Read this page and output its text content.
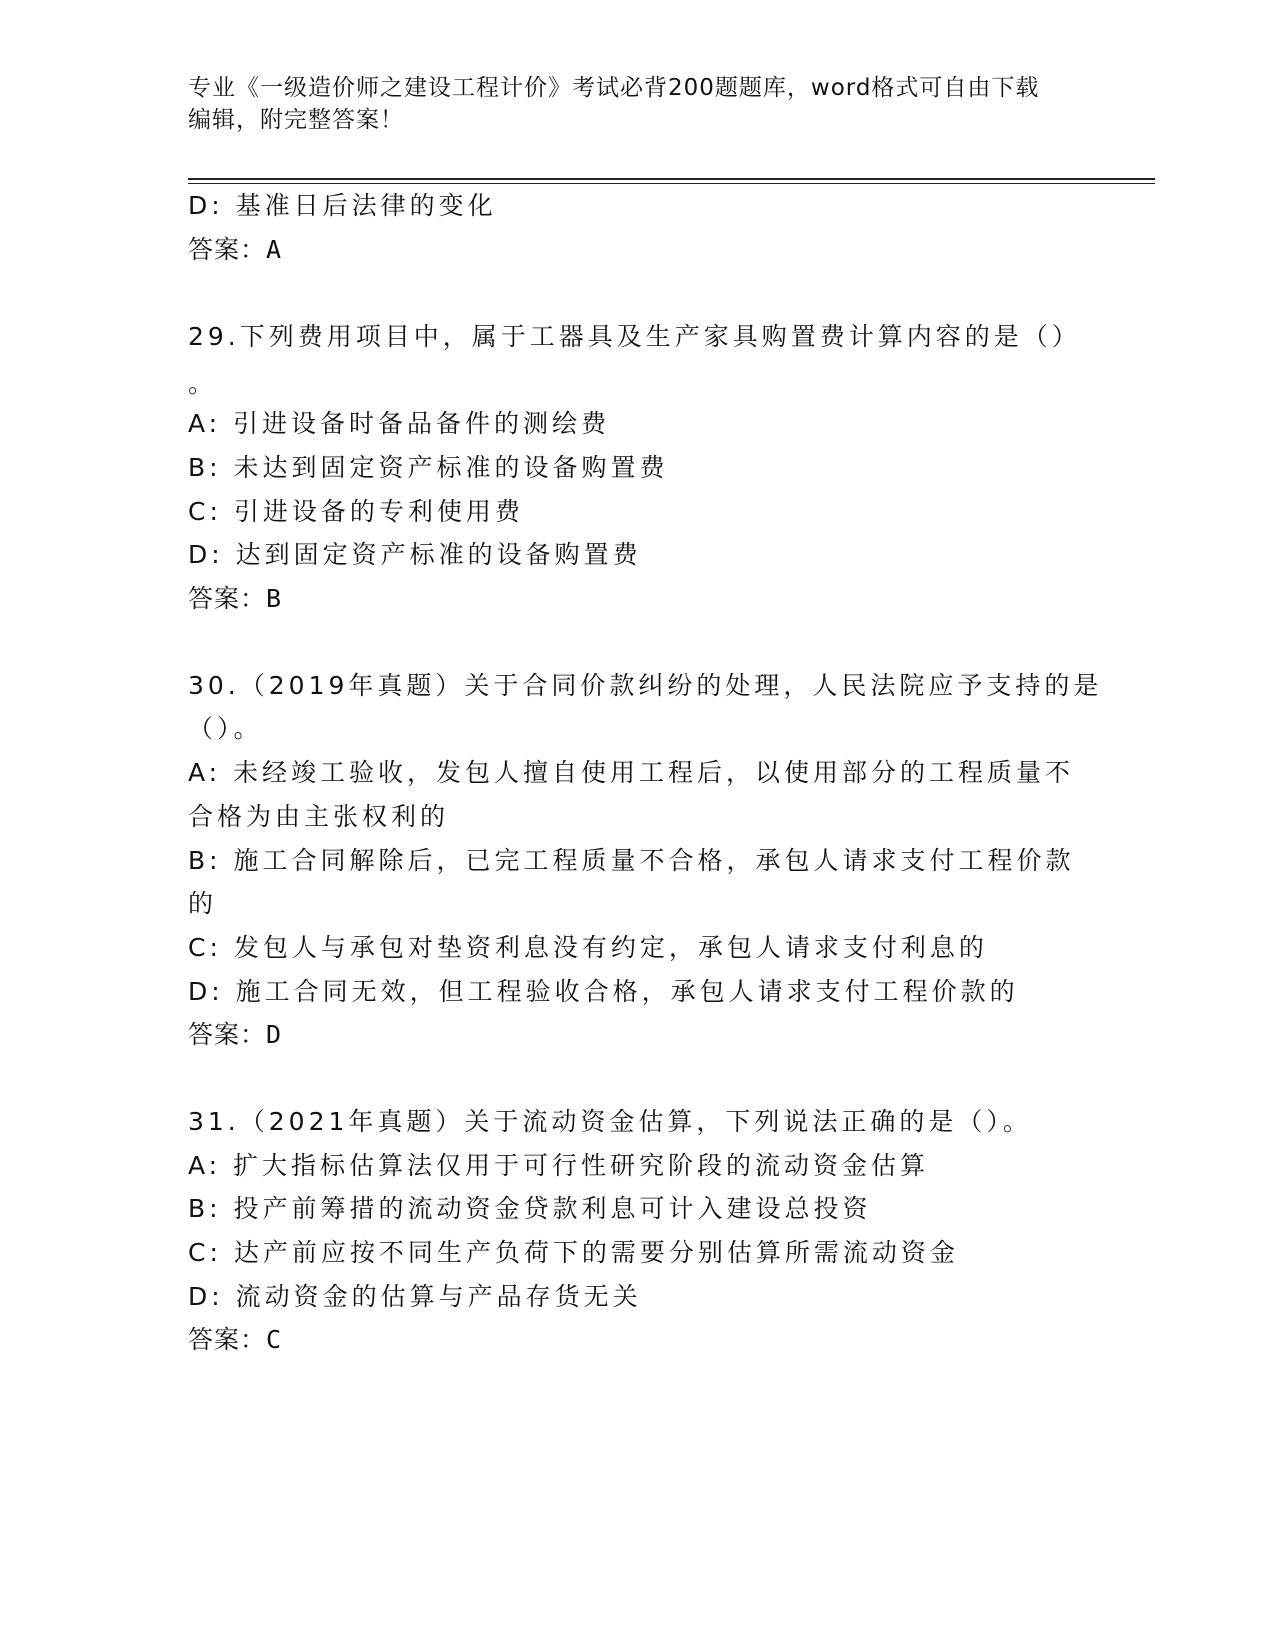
专业《一级造价师之建设工程计价》考试必背200题题库，word格式可自由下载
编辑，附完整答案！
D: 基准日后法律的变化
答案：A
29.下列费用项目中，属于工器具及生产家具购置费计算内容的是（）
。
A: 引进设备时备品备件的测绘费
B: 未达到固定资产标准的设备购置费
C: 引进设备的专利使用费
D: 达到固定资产标准的设备购置费
答案：B
30.（2019年真题）关于合同价款纠纷的处理，人民法院应予支持的是
（）。
A: 未经竣工验收，发包人擅自使用工程后，以使用部分的工程质量不
合格为由主张权利的
B: 施工合同解除后，已完工程质量不合格，承包人请求支付工程价款
的
C: 发包人与承包对垫资利息没有约定，承包人请求支付利息的
D: 施工合同无效，但工程验收合格，承包人请求支付工程价款的
答案：D
31.（2021年真题）关于流动资金估算，下列说法正确的是（）。
A: 扩大指标估算法仅用于可行性研究阶段的流动资金估算
B: 投产前筹措的流动资金贷款利息可计入建设总投资
C: 达产前应按不同生产负荷下的需要分别估算所需流动资金
D: 流动资金的估算与产品存货无关
答案：C
